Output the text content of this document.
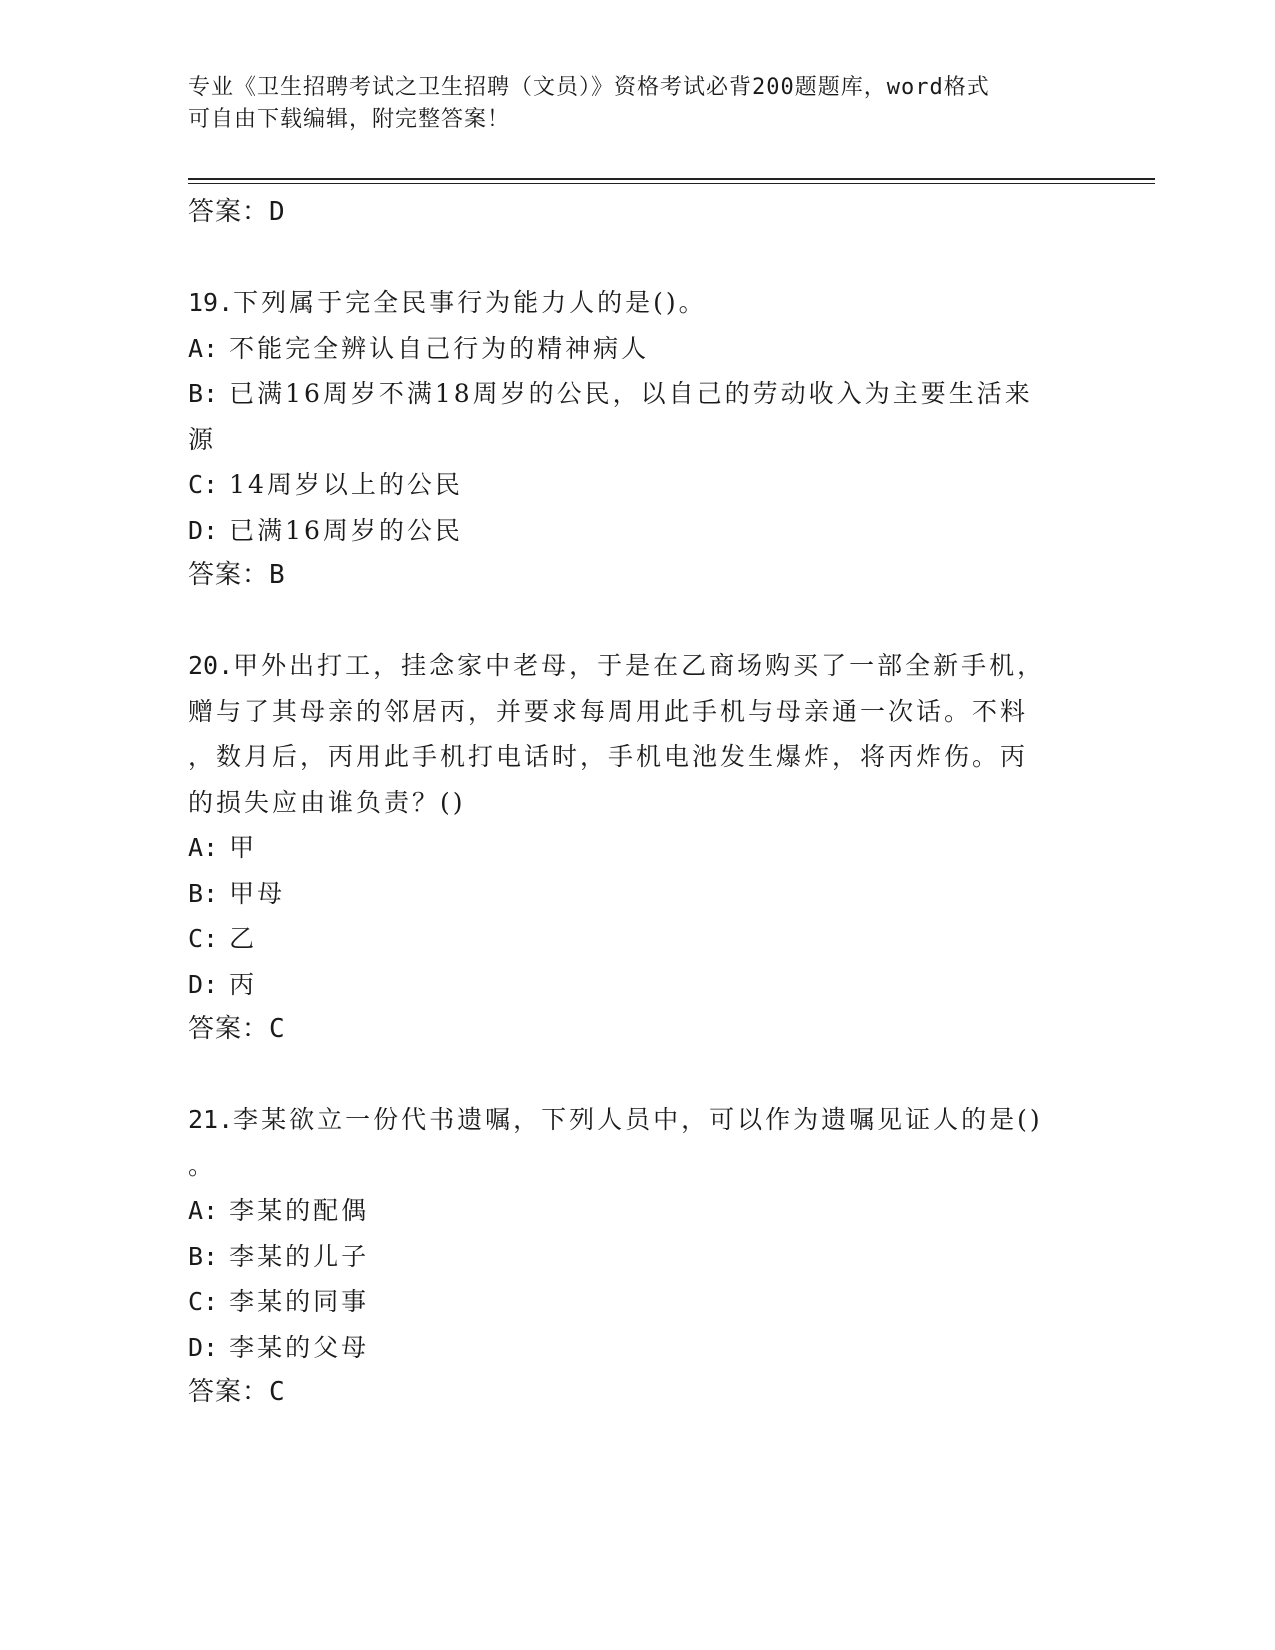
专业《卫生招聘考试之卫生招聘（文员）》资格考试必背200题题库，word格式
可自由下载编辑，附完整答案！
答案：D
19.下列属于完全民事行为能力人的是()。
A: 不能完全辨认自己行为的精神病人
B: 已满16周岁不满18周岁的公民，以自己的劳动收入为主要生活来
源
C: 14周岁以上的公民
D: 已满16周岁的公民
答案：B
20.甲外出打工，挂念家中老母，于是在乙商场购买了一部全新手机，
赠与了其母亲的邻居丙，并要求每周用此手机与母亲通一次话。不料
，数月后，丙用此手机打电话时，手机电池发生爆炸，将丙炸伤。丙
的损失应由谁负责？()
A: 甲
B: 甲母
C: 乙
D: 丙
答案：C
21.李某欲立一份代书遗嘱，下列人员中，可以作为遗嘱见证人的是()
。
A: 李某的配偶
B: 李某的儿子
C: 李某的同事
D: 李某的父母
答案：C
